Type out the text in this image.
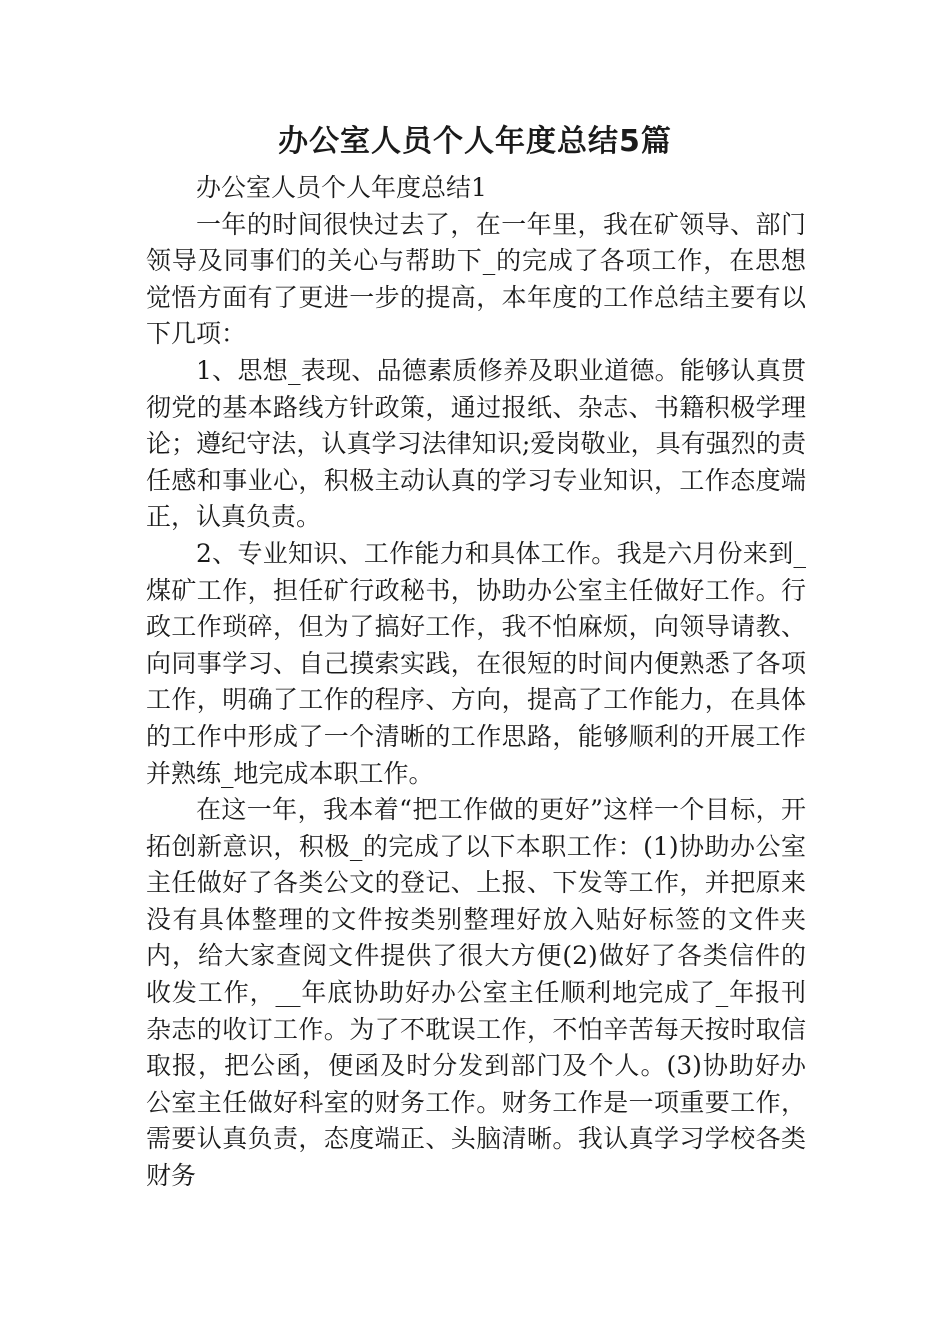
办公室人员个人年度总结5篇

办公室人员个人年度总结1

一年的时间很快过去了，在一年里，我在矿领导、部门领导及同事们的关心与帮助下_的完成了各项工作，在思想觉悟方面有了更进一步的提高，本年度的工作总结主要有以下几项：

1、思想_表现、品德素质修养及职业道德。能够认真贯彻党的基本路线方针政策，通过报纸、杂志、书籍积极学理论；遵纪守法，认真学习法律知识;爱岗敬业，具有强烈的责任感和事业心，积极主动认真的学习专业知识，工作态度端正，认真负责。

2、专业知识、工作能力和具体工作。我是六月份来到_煤矿工作，担任矿行政秘书，协助办公室主任做好工作。行政工作琐碎，但为了搞好工作，我不怕麻烦，向领导请教、向同事学习、自己摸索实践，在很短的时间内便熟悉了各项工作，明确了工作的程序、方向，提高了工作能力，在具体的工作中形成了一个清晰的工作思路，能够顺利的开展工作并熟练_地完成本职工作。

在这一年，我本着“把工作做的更好”这样一个目标，开拓创新意识，积极_的完成了以下本职工作：(1)协助办公室主任做好了各类公文的登记、上报、下发等工作，并把原来没有具体整理的文件按类别整理好放入贴好标签的文件夹内，给大家查阅文件提供了很大方便(2)做好了各类信件的收发工作，__年底协助好办公室主任顺利地完成了_年报刊杂志的收订工作。为了不耽误工作，不怕辛苦每天按时取信取报，把公函，便函及时分发到部门及个人。(3)协助好办公室主任做好科室的财务工作。财务工作是一项重要工作，需要认真负责，态度端正、头脑清晰。我认真学习学校各类财务
